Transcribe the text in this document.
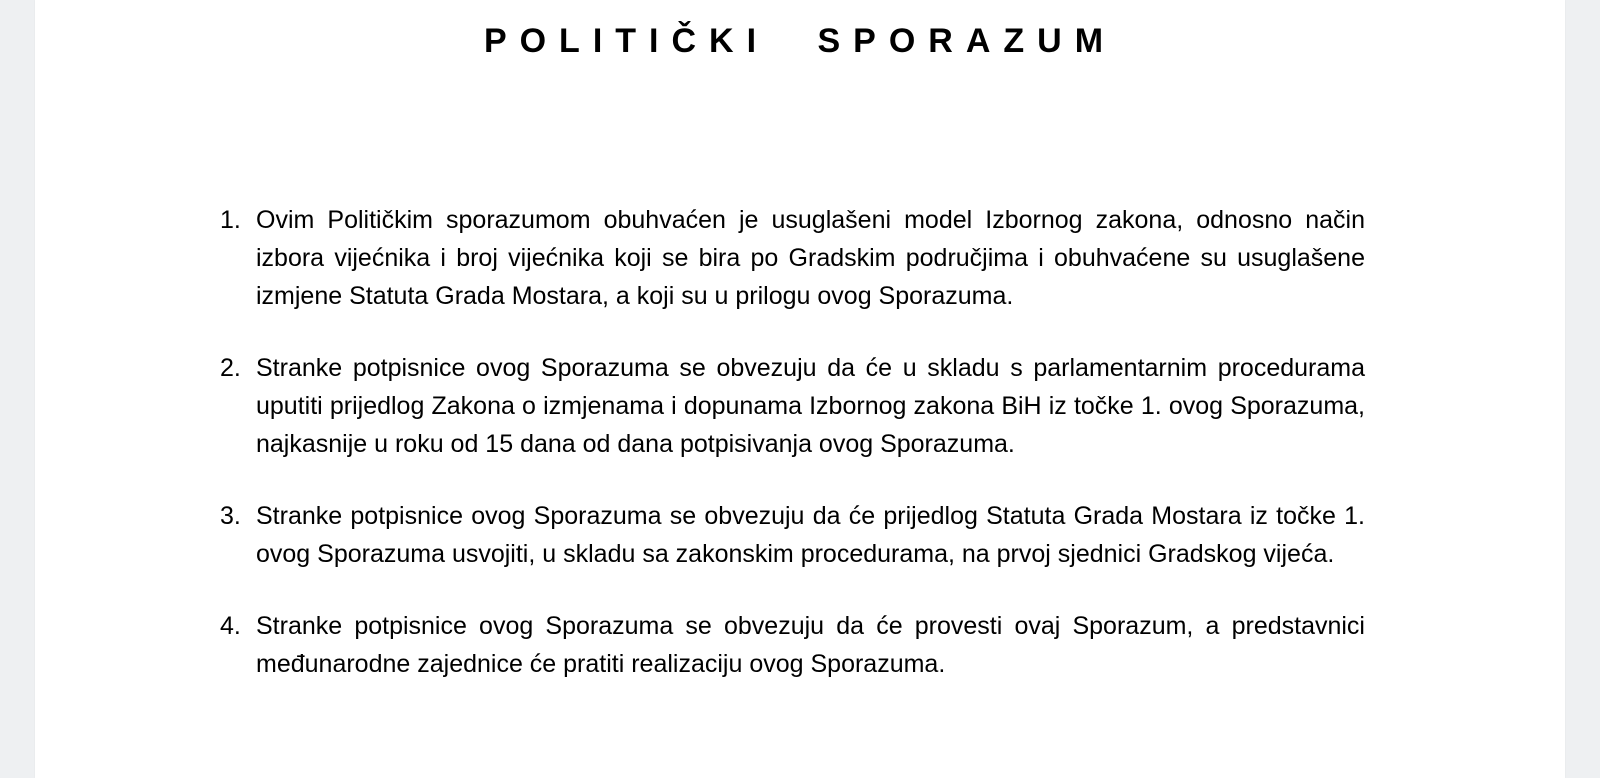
POLITIČKI SPORAZUM
1. Ovim Političkim sporazumom obuhvaćen je usuglašeni model Izbornog zakona, odnosno način izbora vijećnika i broj vijećnika koji se bira po Gradskim područjima i obuhvaćene su usuglašene izmjene Statuta Grada Mostara, a koji su u prilogu ovog Sporazuma.
2. Stranke potpisnice ovog Sporazuma se obvezuju da će u skladu s parlamentarnim procedurama uputiti prijedlog Zakona o izmjenama i dopunama Izbornog zakona BiH iz točke 1. ovog Sporazuma, najkasnije u roku od 15 dana od dana potpisivanja ovog Sporazuma.
3. Stranke potpisnice ovog Sporazuma se obvezuju da će prijedlog Statuta Grada Mostara iz točke 1. ovog Sporazuma usvojiti, u skladu sa zakonskim procedurama, na prvoj sjednici Gradskog vijeća.
4. Stranke potpisnice ovog Sporazuma se obvezuju da će provesti ovaj Sporazum, a predstavnici međunarodne zajednice će pratiti realizaciju ovog Sporazuma.
